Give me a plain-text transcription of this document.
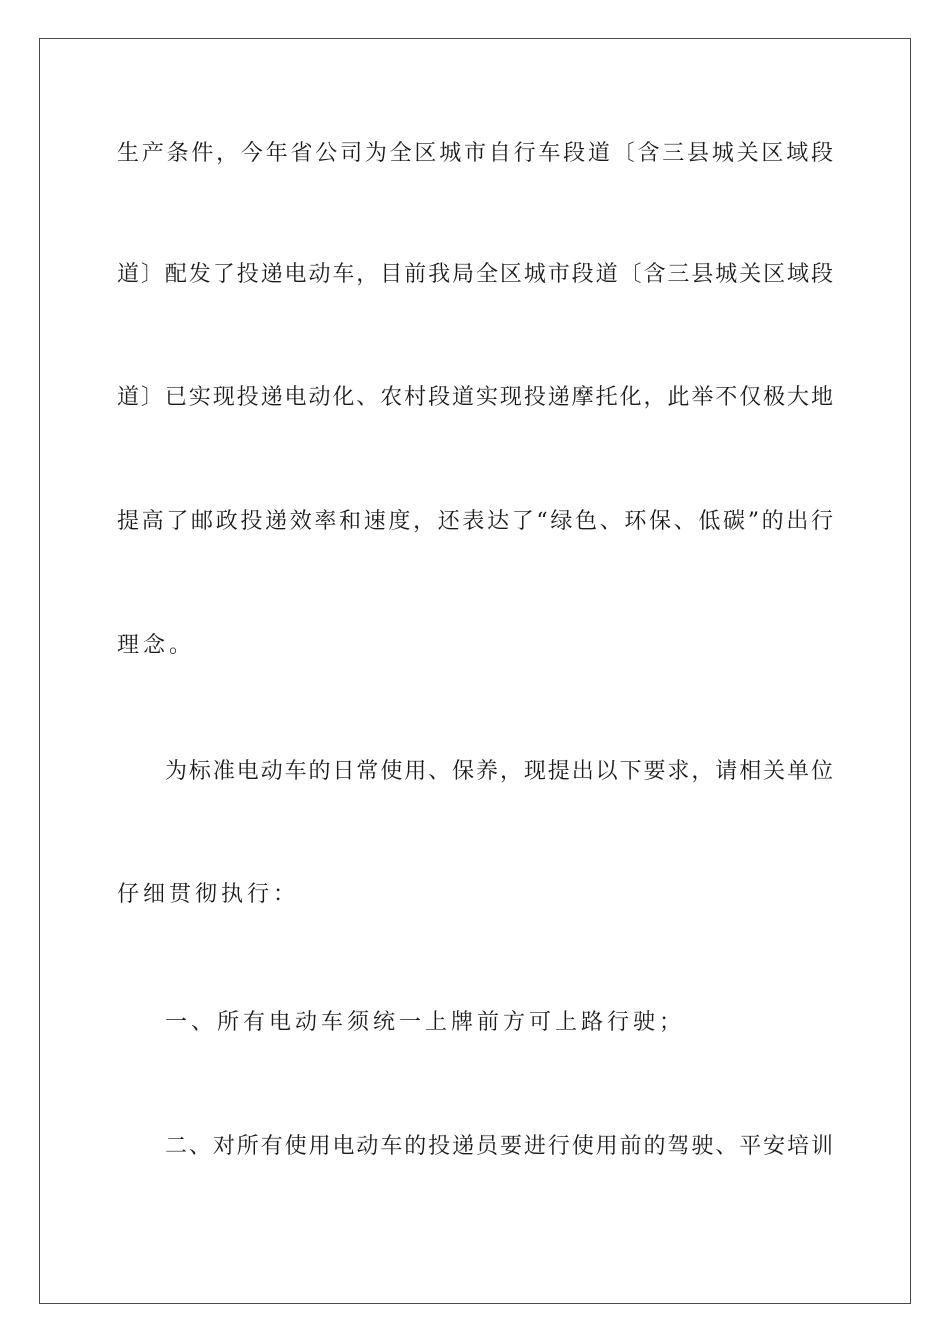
生产条件，今年省公司为全区城市自行车段道〔含三县城关区域段
道〕配发了投递电动车，目前我局全区城市段道〔含三县城关区域段
道〕已实现投递电动化、农村段道实现投递摩托化，此举不仅极大地
提高了邮政投递效率和速度，还表达了“绿色、环保、低碳”的出行
理念。
为标准电动车的日常使用、保养，现提出以下要求，请相关单位
仔细贯彻执行：
一、所有电动车须统一上牌前方可上路行驶；
二、对所有使用电动车的投递员要进行使用前的驾驶、平安培训
